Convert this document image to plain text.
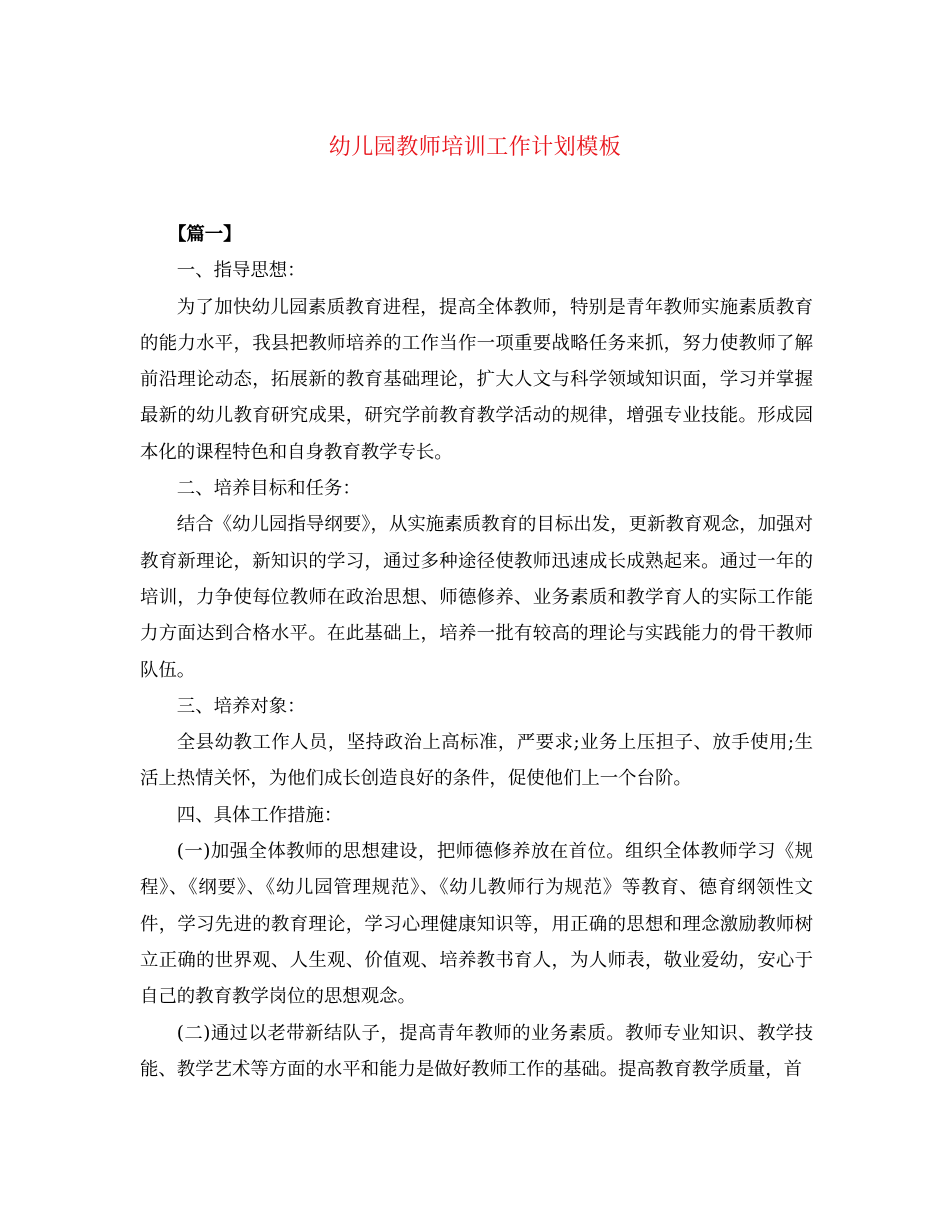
幼儿园教师培训工作计划模板

【篇一】

一、指导思想：

为了加快幼儿园素质教育进程，提高全体教师，特别是青年教师实施素质教育的能力水平，我县把教师培养的工作当作一项重要战略任务来抓，努力使教师了解前沿理论动态，拓展新的教育基础理论，扩大人文与科学领域知识面，学习并掌握最新的幼儿教育研究成果，研究学前教育教学活动的规律，增强专业技能。形成园本化的课程特色和自身教育教学专长。

二、培养目标和任务：

结合《幼儿园指导纲要》，从实施素质教育的目标出发，更新教育观念，加强对教育新理论，新知识的学习，通过多种途径使教师迅速成长成熟起来。通过一年的培训，力争使每位教师在政治思想、师德修养、业务素质和教学育人的实际工作能力方面达到合格水平。在此基础上，培养一批有较高的理论与实践能力的骨干教师队伍。

三、培养对象：

全县幼教工作人员，坚持政治上高标准，严要求;业务上压担子、放手使用;生活上热情关怀，为他们成长创造良好的条件，促使他们上一个台阶。

四、具体工作措施：

(一)加强全体教师的思想建设，把师德修养放在首位。组织全体教师学习《规程》、《纲要》、《幼儿园管理规范》、《幼儿教师行为规范》等教育、德育纲领性文件，学习先进的教育理论，学习心理健康知识等，用正确的思想和理念激励教师树立正确的世界观、人生观、价值观、培养教书育人，为人师表，敬业爱幼，安心于自己的教育教学岗位的思想观念。

(二)通过以老带新结队子，提高青年教师的业务素质。教师专业知识、教学技能、教学艺术等方面的水平和能力是做好教师工作的基础。提高教育教学质量，首
